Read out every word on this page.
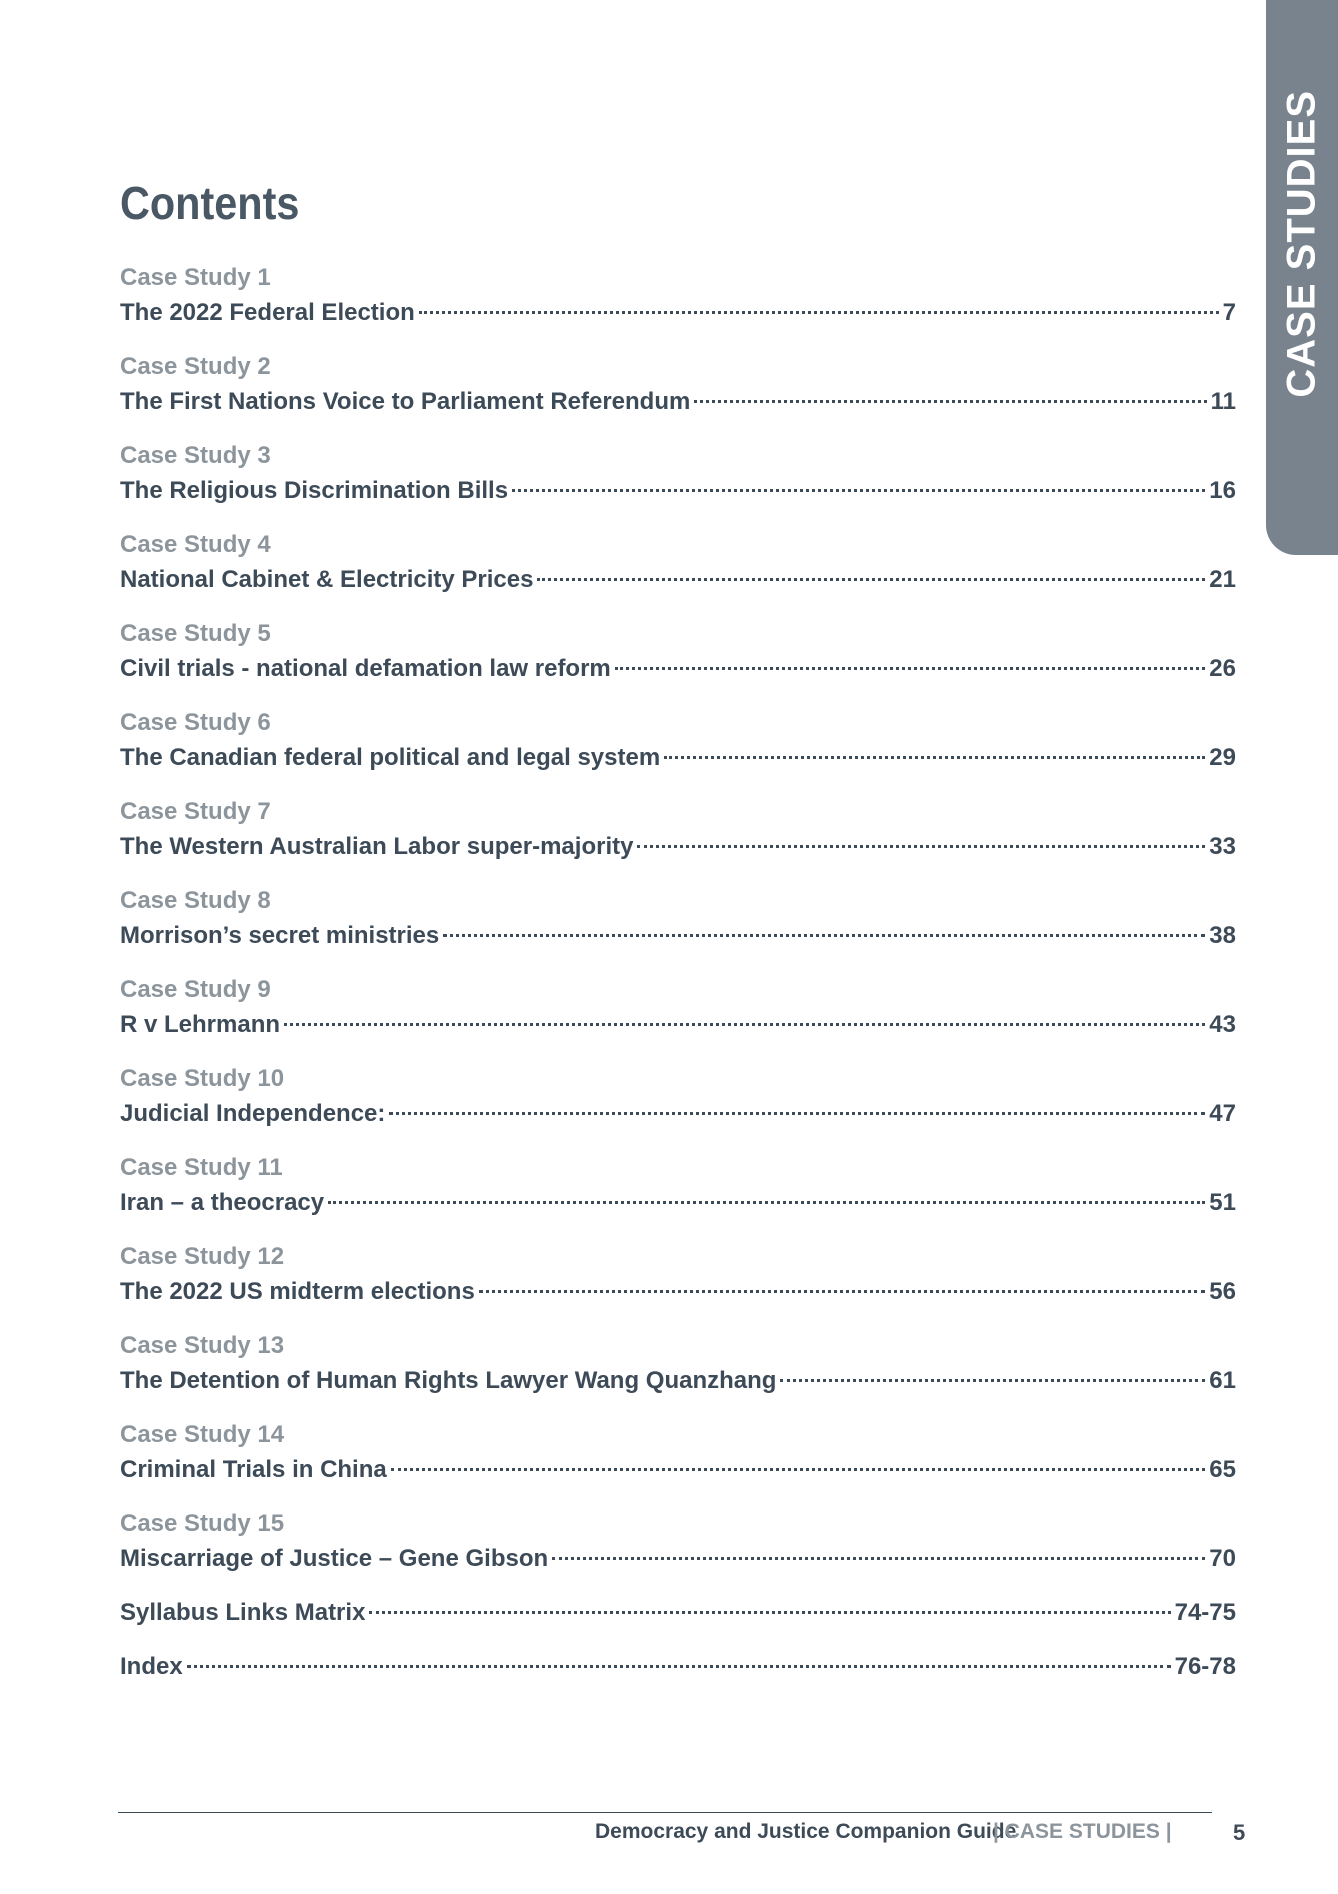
CASE STUDIES
Contents
Case Study 1
The 2022 Federal Election	7
Case Study 2
The First Nations Voice to Parliament Referendum	11
Case Study 3
The Religious Discrimination Bills	16
Case Study 4
National Cabinet & Electricity Prices	21
Case Study 5
Civil trials - national defamation law reform	26
Case Study 6
The Canadian federal political and legal system	29
Case Study 7
The Western Australian Labor super-majority	33
Case Study 8
Morrison’s secret ministries	38
Case Study 9
R v Lehrmann	43
Case Study 10
Judicial Independence:	47
Case Study 11
Iran – a theocracy	51
Case Study 12
The 2022 US midterm elections	56
Case Study 13
The Detention of Human Rights Lawyer Wang Quanzhang	61
Case Study 14
Criminal Trials in China	65
Case Study 15
Miscarriage of Justice – Gene Gibson	70
Syllabus Links Matrix	74-75
Index	76-78
Democracy and Justice Companion Guide
| CASE STUDIES |	5
